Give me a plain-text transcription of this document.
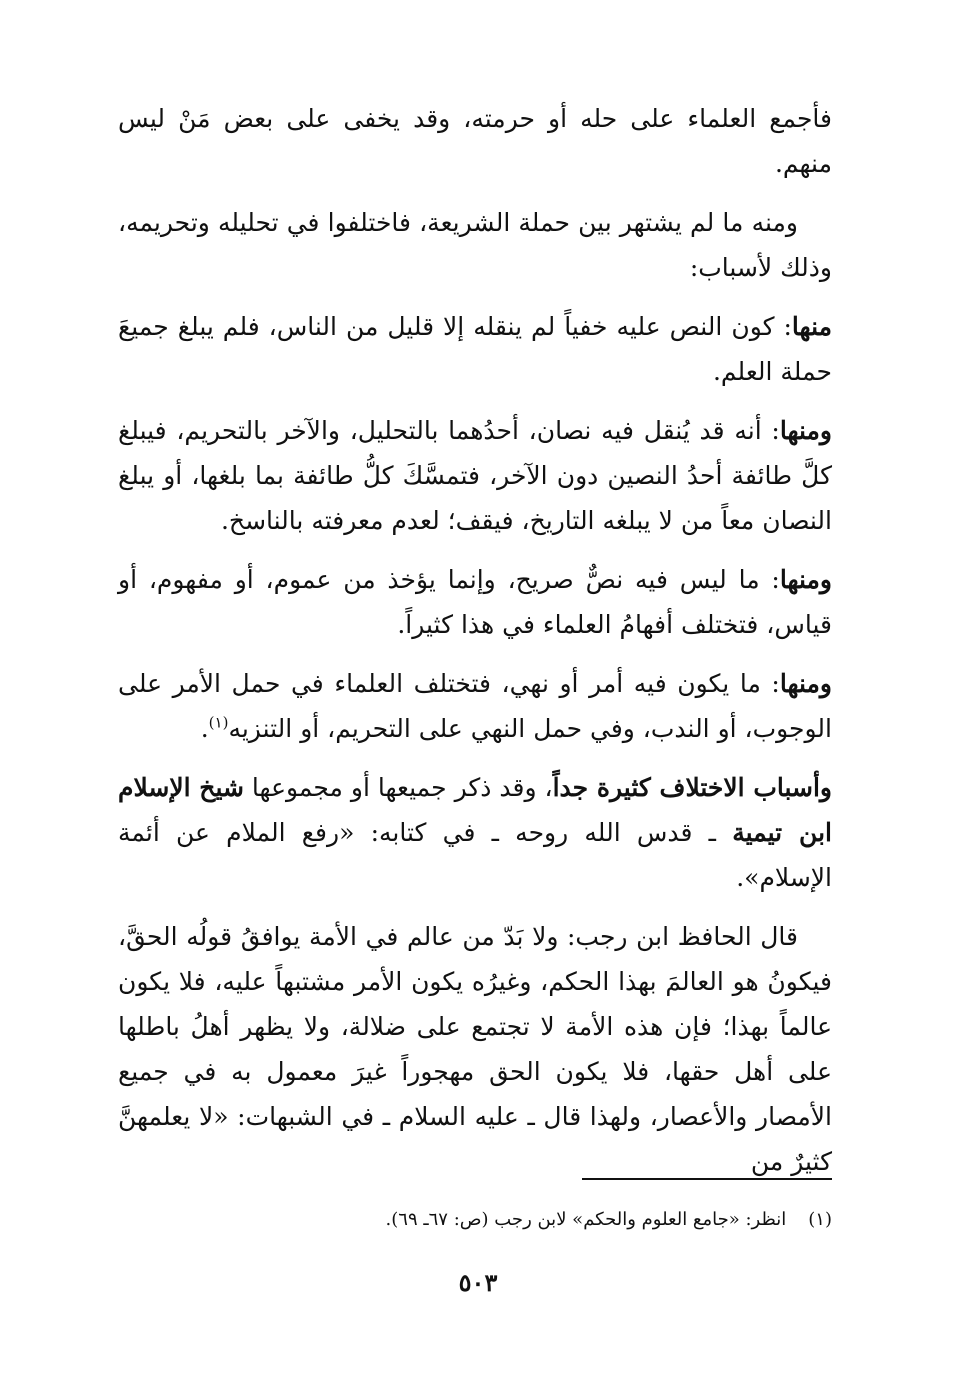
فأجمع العلماء على حله أو حرمته، وقد يخفى على بعض مَنْ ليس منهم.

ومنه ما لم يشتهر بين حملة الشريعة، فاختلفوا في تحليله وتحريمه، وذلك لأسباب:

منها: كون النص عليه خفياً لم ينقله إلا قليل من الناس، فلم يبلغ جميعَ حملة العلم.

ومنها: أنه قد يُنقل فيه نصان، أحدُهما بالتحليل، والآخر بالتحريم، فيبلغ كلَّ طائفة أحدُ النصين دون الآخر، فتمسَّكَ كلُّ طائفة بما بلغها، أو يبلغ النصان معاً من لا يبلغه التاريخ، فيقف؛ لعدم معرفته بالناسخ.

ومنها: ما ليس فيه نصٌّ صريح، وإنما يؤخذ من عموم، أو مفهوم، أو قياس، فتختلف أفهامُ العلماء في هذا كثيراً.

ومنها: ما يكون فيه أمر أو نهي، فتختلف العلماء في حمل الأمر على الوجوب، أو الندب، وفي حمل النهي على التحريم، أو التنزيه$^{(١)}$.

وأسباب الاختلاف كثيرة جداً، وقد ذكر جميعها أو مجموعها شيخ الإسلام ابن تيمية ـ قدس الله روحه ـ في كتابه: «رفع الملام عن أئمة الإسلام».

قال الحافظ ابن رجب: ولا بَدّ من عالم في الأمة يوافقُ قولُه الحقَّ، فيكونُ هو العالمَ بهذا الحكم، وغيرُه يكون الأمر مشتبهاً عليه، فلا يكون عالماً بهذا؛ فإن هذه الأمة لا تجتمع على ضلالة، ولا يظهر أهلُ باطلها على أهل حقها، فلا يكون الحق مهجوراً غيرَ معمول به في جميع الأمصار والأعصار، ولهذا قال ـ عليه السلام ـ في الشبهات: «لا يعلمهنَّ كثيرٌ من

(١)انظر: «جامع العلوم والحكم» لابن رجب (ص: ٦٧ـ ٦٩).
٥٠٣
